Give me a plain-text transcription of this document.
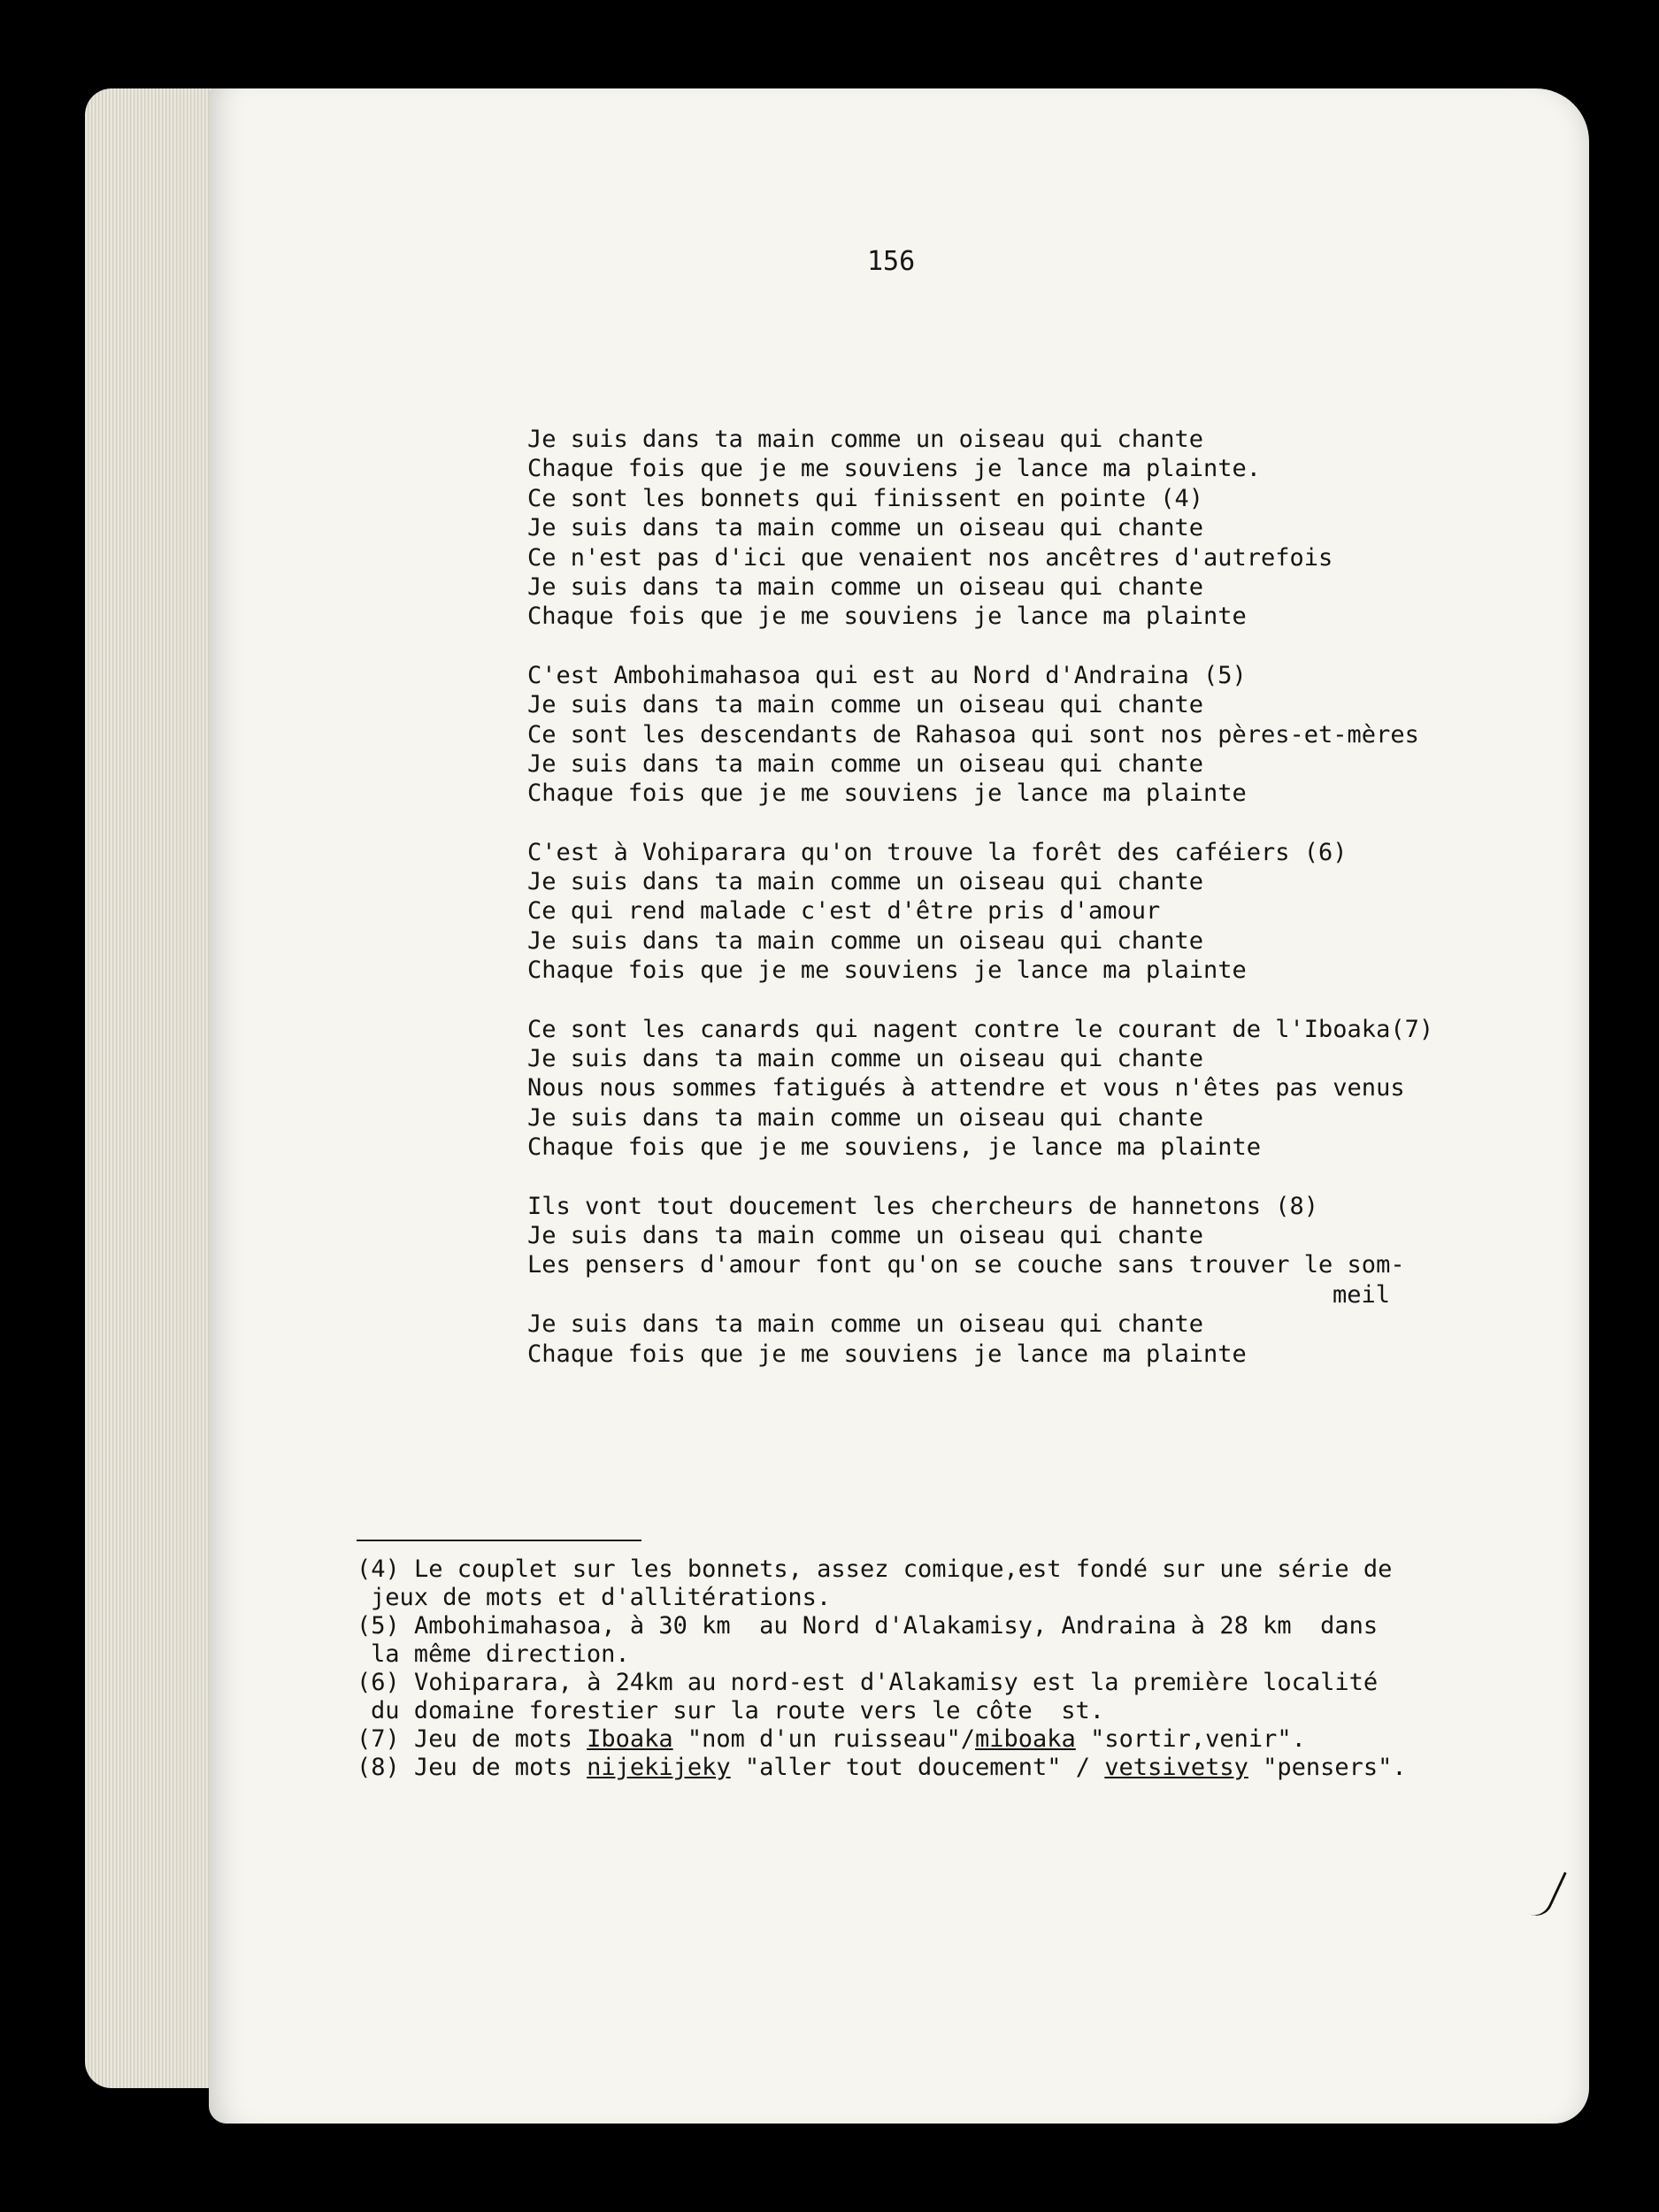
156

Je suis dans ta main comme un oiseau qui chante
Chaque fois que je me souviens je lance ma plainte.
Ce sont les bonnets qui finissent en pointe (4)
Je suis dans ta main comme un oiseau qui chante
Ce n'est pas d'ici que venaient nos ancêtres d'autrefois
Je suis dans ta main comme un oiseau qui chante
Chaque fois que je me souviens je lance ma plainte
C'est Ambohimahasoa qui est au Nord d'Andraina (5)
Je suis dans ta main comme un oiseau qui chante
Ce sont les descendants de Rahasoa qui sont nos pères-et-mères
Je suis dans ta main comme un oiseau qui chante
Chaque fois que je me souviens je lance ma plainte
C'est à Vohiparara qu'on trouve la forêt des caféiers (6)
Je suis dans ta main comme un oiseau qui chante
Ce qui rend malade c'est d'être pris d'amour
Je suis dans ta main comme un oiseau qui chante
Chaque fois que je me souviens je lance ma plainte
Ce sont les canards qui nagent contre le courant de l'Iboaka(7)
Je suis dans ta main comme un oiseau qui chante
Nous nous sommes fatigués à attendre et vous n'êtes pas venus
Je suis dans ta main comme un oiseau qui chante
Chaque fois que je me souviens, je lance ma plainte
Ils vont tout doucement les chercheurs de hannetons (8)
Je suis dans ta main comme un oiseau qui chante
Les pensers d'amour font qu'on se couche sans trouver le som-
meil
Je suis dans ta main comme un oiseau qui chante
Chaque fois que je me souviens je lance ma plainte
(4) Le couplet sur les bonnets, assez comique,est fondé sur une série de
jeux de mots et d'allitérations.
(5) Ambohimahasoa, à 30 km  au Nord d'Alakamisy, Andraina à 28 km  dans
la même direction.
(6) Vohiparara, à 24km au nord-est d'Alakamisy est la première localité
du domaine forestier sur la route vers le côte  st.
(7) Jeu de mots Iboaka "nom d'un ruisseau"/miboaka "sortir,venir".
(8) Jeu de mots nijekijeky "aller tout doucement" / vetsivetsy "pensers".
